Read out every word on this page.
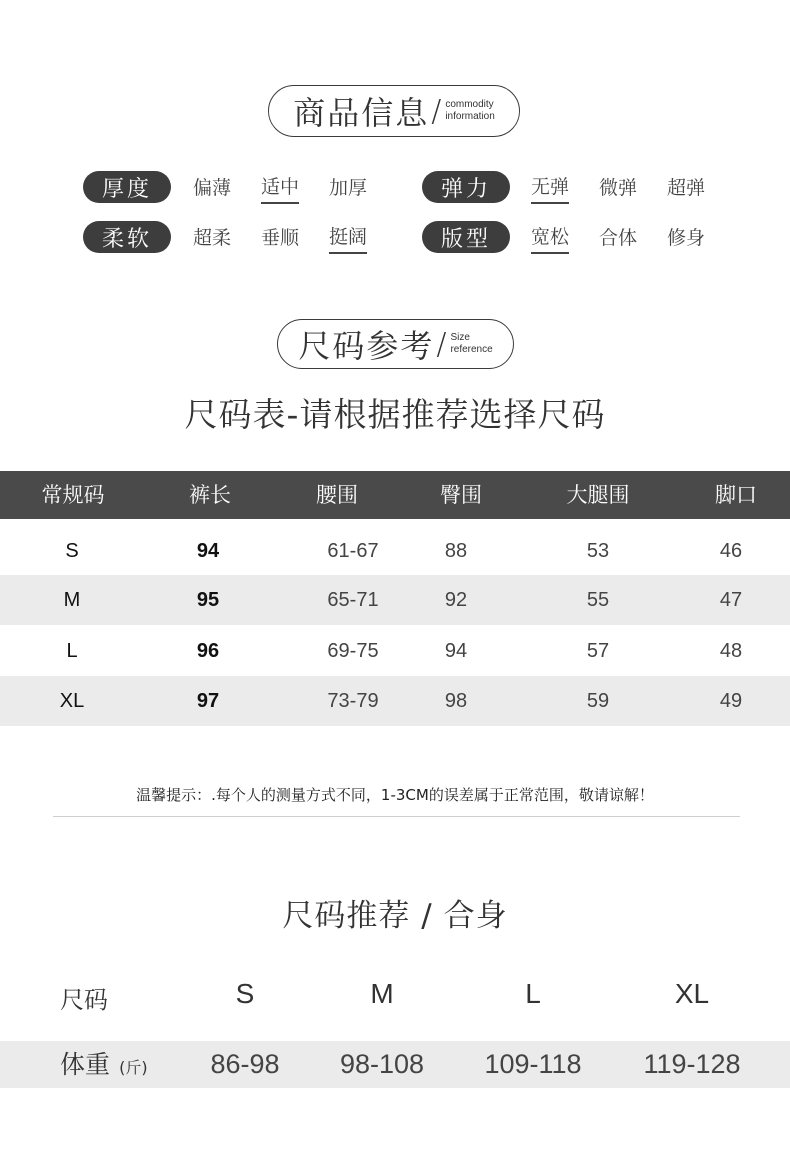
商品信息 / commodity
information
厚度	偏薄 适中 加厚	弹力	无弹 微弹 超弹
柔软	超柔 垂顺 挺阔	版型	宽松 合体 修身
尺码参考 / Size
reference
尺码表-请根据推荐选择尺码
常规码	裤长	腰围	臀围	大腿围	脚口
S	94	61-67	88	53	46
M	95	65-71	92	55	47
L	96	69-75	94	57	48
XL	97	73-79	98	59	49
温馨提示：.每个人的测量方式不同，1-3CM的误差属于正常范围，敬请谅解！
尺码推荐 / 合身
尺码	S	M	L	XL
体重 (斤)	86-98	98-108	109-118	119-128
